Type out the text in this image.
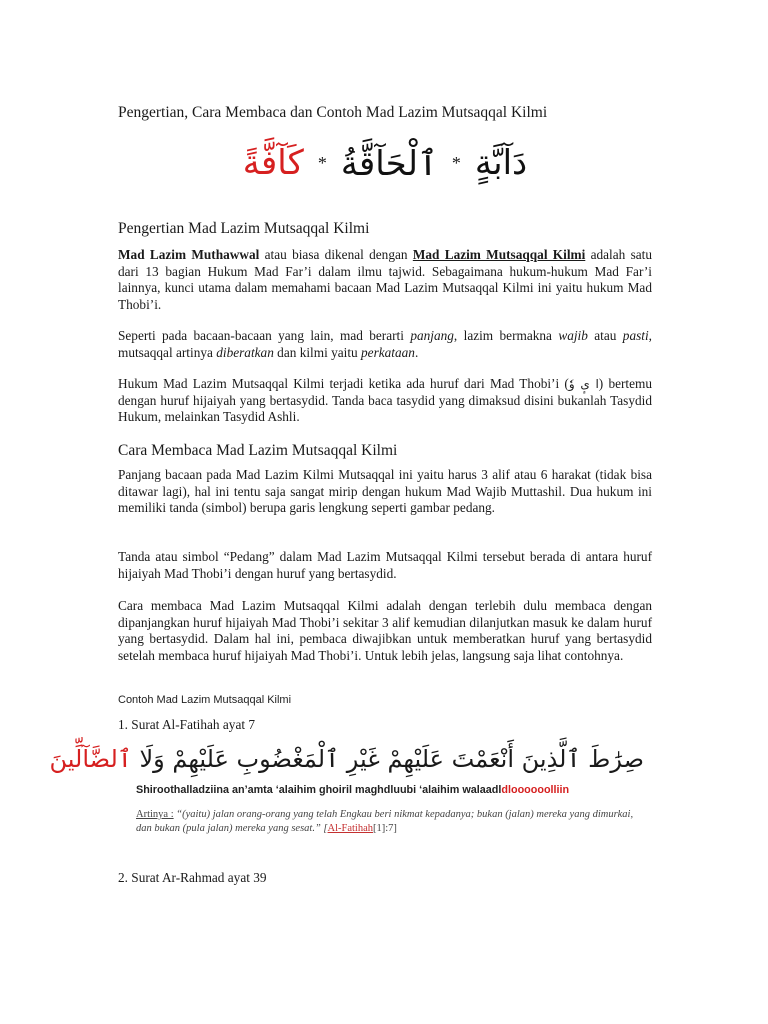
Pengertian, Cara Membaca dan Contoh Mad Lazim Mutsaqqal Kilmi
كَآفَّةً * ٱلْحَآقَّةُ * دَآبَّةٍ
Pengertian Mad Lazim Mutsaqqal Kilmi
Mad Lazim Muthawwal atau biasa dikenal dengan Mad Lazim Mutsaqqal Kilmi adalah satu dari 13 bagian Hukum Mad Far’i dalam ilmu tajwid. Sebagaimana hukum-hukum Mad Far’i lainnya, kunci utama dalam memahami bacaan Mad Lazim Mutsaqqal Kilmi ini yaitu hukum Mad Thobi’i.
Seperti pada bacaan-bacaan yang lain, mad berarti panjang, lazim bermakna wajib atau pasti, mutsaqqal artinya diberatkan dan kilmi yaitu perkataan.
Hukum Mad Lazim Mutsaqqal Kilmi terjadi ketika ada huruf dari Mad Thobi’i (ا ىٕ وٗ) bertemu dengan huruf hijaiyah yang bertasydid. Tanda baca tasydid yang dimaksud disini bukanlah Tasydid Hukum, melainkan Tasydid Ashli.
Cara Membaca Mad Lazim Mutsaqqal Kilmi
Panjang bacaan pada Mad Lazim Kilmi Mutsaqqal ini yaitu harus 3 alif atau 6 harakat (tidak bisa ditawar lagi), hal ini tentu saja sangat mirip dengan hukum Mad Wajib Muttashil. Dua hukum ini memiliki tanda (simbol) berupa garis lengkung seperti gambar pedang.
Tanda atau simbol “Pedang” dalam Mad Lazim Mutsaqqal Kilmi tersebut berada di antara huruf hijaiyah Mad Thobi’i dengan huruf yang bertasydid.
Cara membaca Mad Lazim Mutsaqqal Kilmi adalah dengan terlebih dulu membaca dengan dipanjangkan huruf hijaiyah Mad Thobi’i sekitar 3 alif kemudian dilanjutkan masuk ke dalam huruf yang bertasydid. Dalam hal ini, pembaca diwajibkan untuk memberatkan huruf yang bertasydid setelah membaca huruf hijaiyah Mad Thobi’i. Untuk lebih jelas, langsung saja lihat contohnya.
Contoh Mad Lazim Mutsaqqal Kilmi
1. Surat Al-Fatihah ayat 7
صِرَٰطَ ٱلَّذِينَ أَنْعَمْتَ عَلَيْهِمْ غَيْرِ ٱلْمَغْضُوبِ عَلَيْهِمْ وَلَا ٱلضَّآلِّينَ
Shiroothalladziina an’amta ‘alaihim ghoiril maghdluubi ‘alaihim walaadldloooooolliin
Artinya : “(yaitu) jalan orang-orang yang telah Engkau beri nikmat kepadanya; bukan (jalan) mereka yang dimurkai, dan bukan (pula jalan) mereka yang sesat.” [Al-Fatihah[1]:7]
2. Surat Ar-Rahmad ayat 39
